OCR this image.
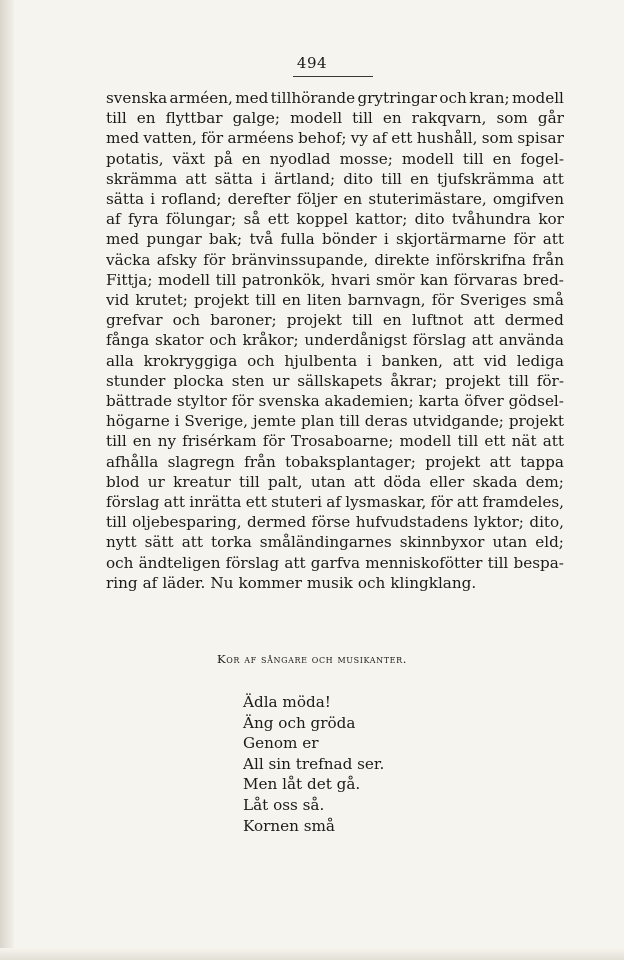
494
svenska arméen, med tillhörande grytringar och kran; modell
till en flyttbar galge; modell till en rakqvarn, som går
med vatten, för arméens behof; vy af ett hushåll, som spisar
potatis, växt på en nyodlad mosse; modell till en fogel-
skrämma att sätta i ärtland; dito till en tjufskrämma att
sätta i rofland; derefter följer en stuterimästare, omgifven
af fyra fölungar; så ett koppel kattor; dito tvåhundra kor
med pungar bak; två fulla bönder i skjortärmarne för att
väcka afsky för bränvinssupande, direkte införskrifna från
Fittja; modell till patronkök, hvari smör kan förvaras bred-
vid krutet; projekt till en liten barnvagn, för Sveriges små
grefvar och baroner; projekt till en luftnot att dermed
fånga skator och kråkor; underdånigst förslag att använda
alla krokryggiga och hjulbenta i banken, att vid lediga
stunder plocka sten ur sällskapets åkrar; projekt till för-
bättrade styltor för svenska akademien; karta öfver gödsel-
högarne i Sverige, jemte plan till deras utvidgande; projekt
till en ny frisérkam för Trosaboarne; modell till ett nät att
afhålla slagregn från tobaksplantager; projekt att tappa
blod ur kreatur till palt, utan att döda eller skada dem;
förslag att inrätta ett stuteri af lysmaskar, för att framdeles,
till oljebesparing, dermed förse hufvudstadens lyktor; dito,
nytt sätt att torka småländingarnes skinnbyxor utan eld;
och ändteligen förslag att garfva menniskofötter till bespa-
ring af läder. Nu kommer musik och klingklang.
Kor af sångare och musikanter.
Ädla möda!
Äng och gröda
Genom er
All sin trefnad ser.
Men låt det gå.
Låt oss så.
Kornen små
